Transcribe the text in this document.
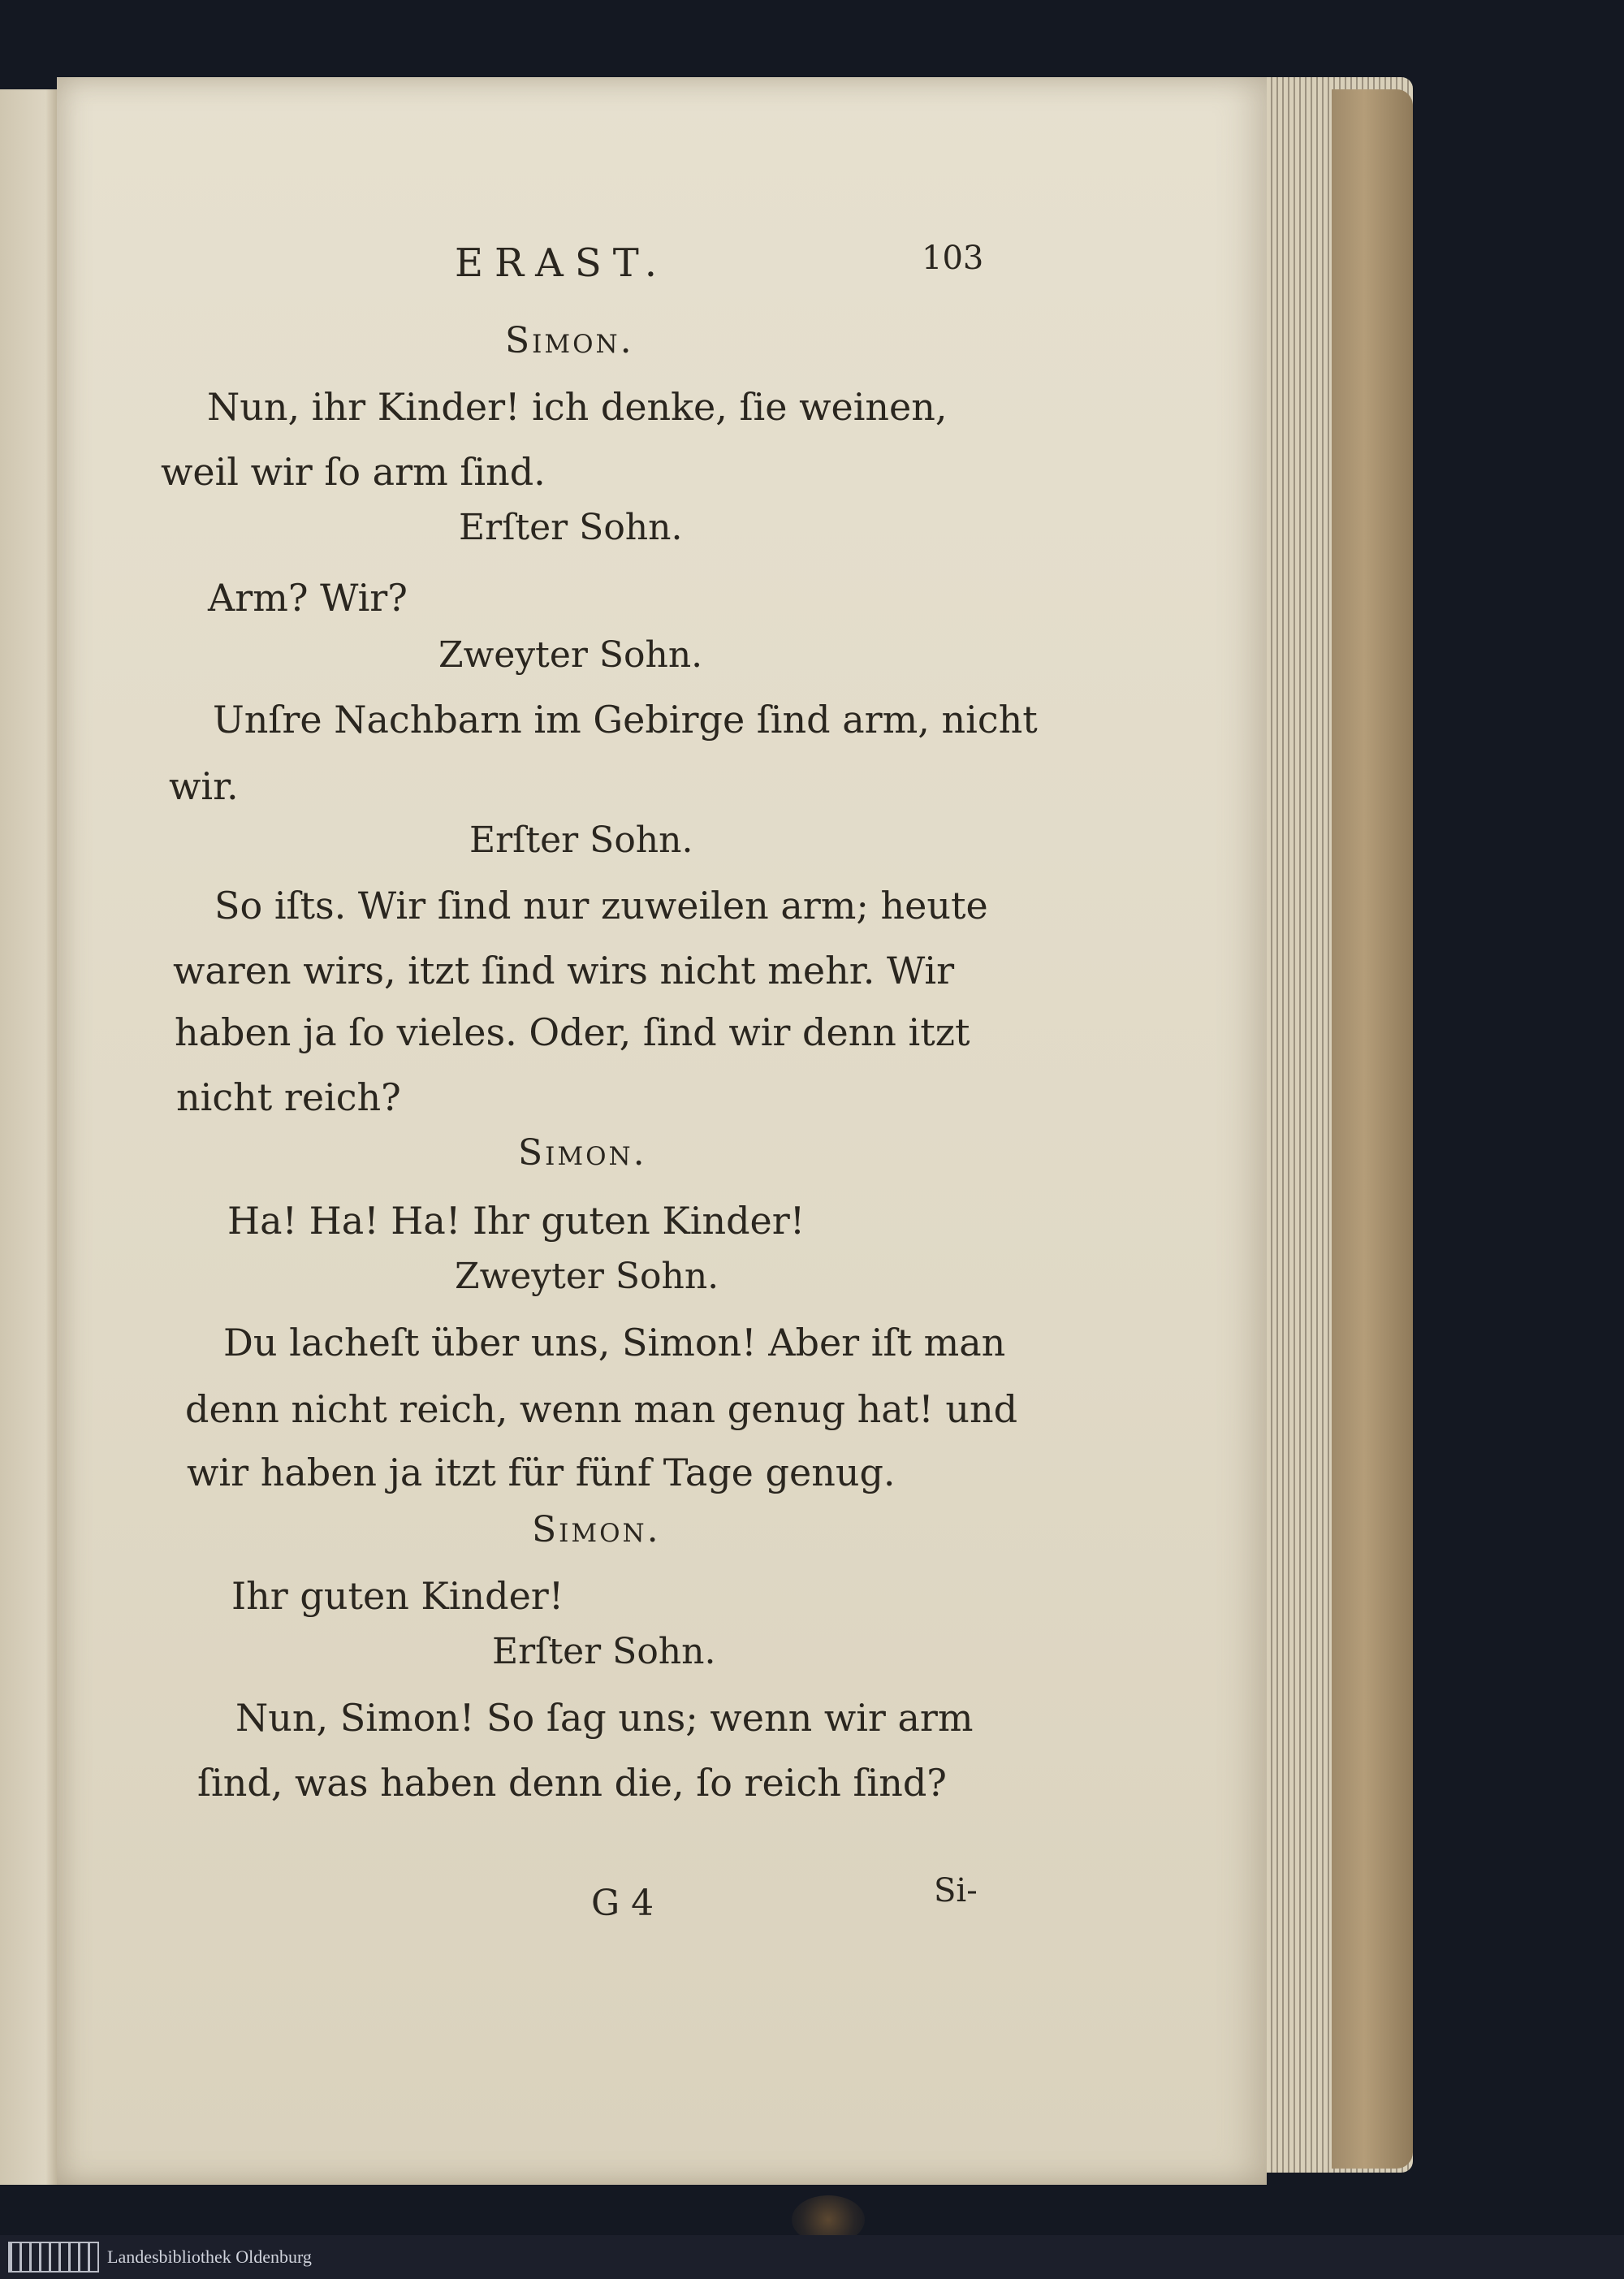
ERAST.	103
Simon.
Nun, ihr Kinder! ich denke, ſie weinen,
weil wir ſo arm ſind.
Erſter Sohn.
Arm? Wir?
Zweyter Sohn.
Unſre Nachbarn im Gebirge ſind arm, nicht
wir.
Erſter Sohn.
So iſts. Wir ſind nur zuweilen arm; heute
waren wirs, itzt ſind wirs nicht mehr. Wir
haben ja ſo vieles. Oder, ſind wir denn itzt
nicht reich?
Simon.
Ha! Ha! Ha! Ihr guten Kinder!
Zweyter Sohn.
Du lacheſt über uns, Simon! Aber iſt man
denn nicht reich, wenn man genug hat! und
wir haben ja itzt für fünf Tage genug.
Simon.
Ihr guten Kinder!
Erſter Sohn.
Nun, Simon! So ſag uns; wenn wir arm
ſind, was haben denn die, ſo reich ſind?
G 4	Si-
Landesbibliothek Oldenburg
